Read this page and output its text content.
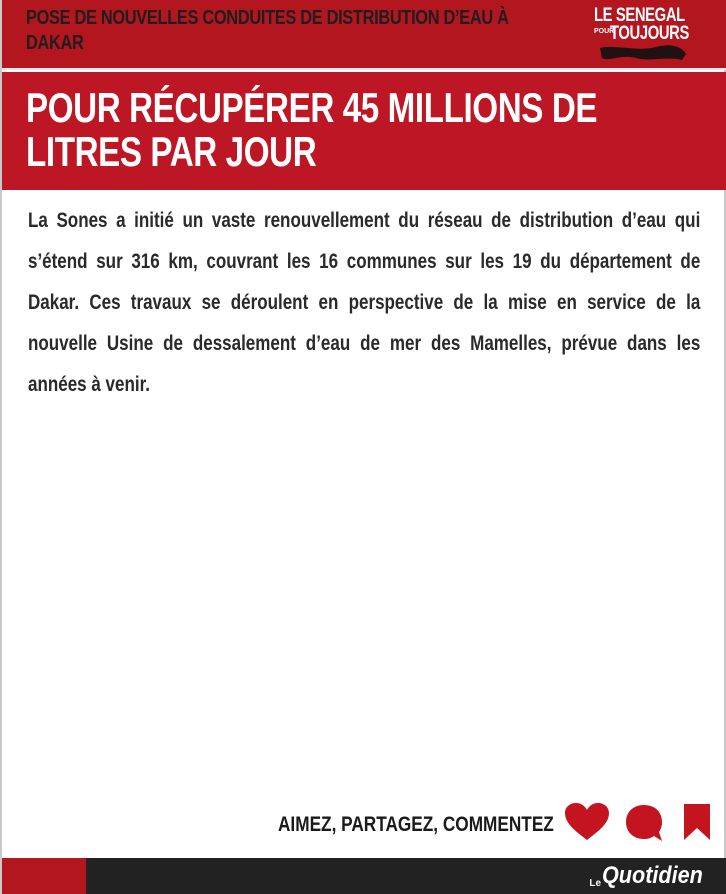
POSE DE NOUVELLES CONDUITES DE DISTRIBUTION D’EAU À DAKAR
LE SENEGAL
POUR
TOUJOURS
POUR RÉCUPÉRER 45 MILLIONS DE LITRES PAR JOUR
La Sones a initié un vaste renouvellement du réseau de distribution d’eau qui s’étend sur 316 km, couvrant les 16 communes sur les 19 du département de Dakar. Ces travaux se déroulent en perspective de la mise en service de la nouvelle Usine de dessalement d’eau de mer des Mamelles, prévue dans les années à venir.
AIMEZ, PARTAGEZ, COMMENTEZ
LeQuotidien
